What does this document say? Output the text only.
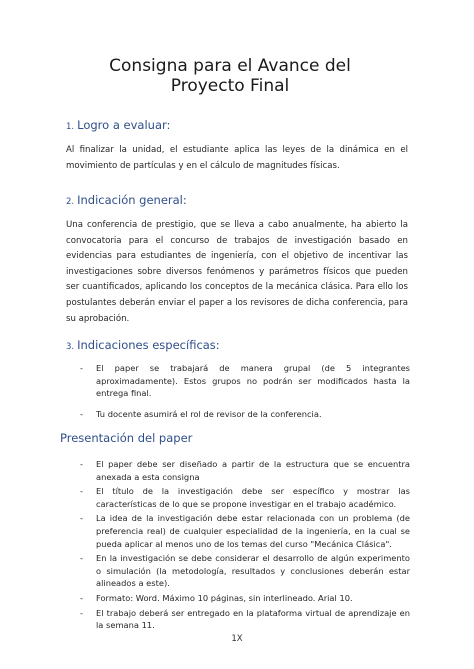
Consigna para el Avance del
Proyecto Final
1. Logro a evaluar:
Al finalizar la unidad, el estudiante aplica las leyes de la dinámica en el movimiento de partículas y en el cálculo de magnitudes físicas.
2. Indicación general:
Una conferencia de prestigio, que se lleva a cabo anualmente, ha abierto la convocatoria para el concurso de trabajos de investigación basado en evidencias para estudiantes de ingeniería, con el objetivo de incentivar las investigaciones sobre diversos fenómenos y parámetros físicos que pueden ser cuantificados, aplicando los conceptos de la mecánica clásica. Para ello los postulantes deberán enviar el paper a los revisores de dicha conferencia, para su aprobación.
3. Indicaciones específicas:
- El paper se trabajará de manera grupal (de 5 integrantes aproximadamente). Estos grupos no podrán ser modificados hasta la entrega final.
- Tu docente asumirá el rol de revisor de la conferencia.
Presentación del paper
- El paper debe ser diseñado a partir de la estructura que se encuentra anexada a esta consigna
- El título de la investigación debe ser específico y mostrar las características de lo que se propone investigar en el trabajo académico.
- La idea de la investigación debe estar relacionada con un problema (de preferencia real) de cualquier especialidad de la ingeniería, en la cual se pueda aplicar al menos uno de los temas del curso "Mecánica Clásica".
- En la investigación se debe considerar el desarrollo de algún experimento o simulación (la metodología, resultados y conclusiones deberán estar alineados a este).
- Formato: Word. Máximo 10 páginas, sin interlineado. Arial 10.
- El trabajo deberá ser entregado en la plataforma virtual de aprendizaje en la semana 11.
1X
